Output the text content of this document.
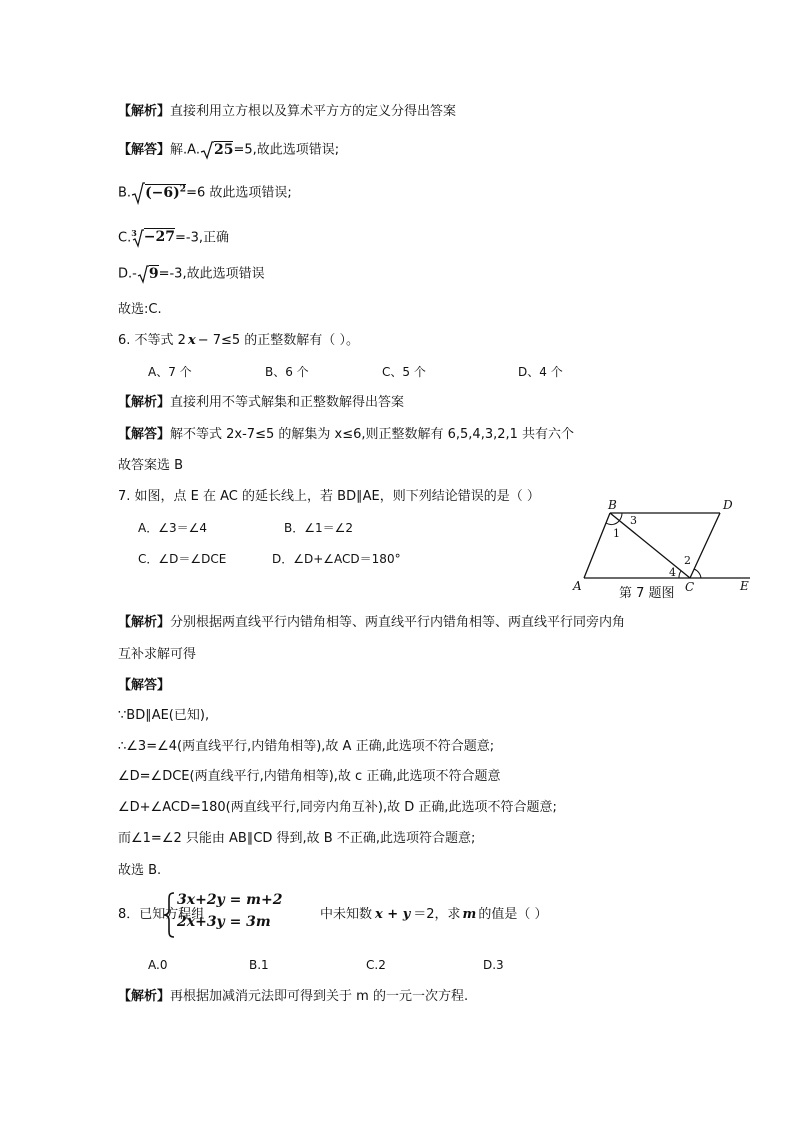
【解析】直接利用立方根以及算术平方方的定义分得出答案
【解答】解.A. 25=5,故此选项错误;
B. $(-6)^2=6$ 故此选项错误;
C.$^3$ −27=-3,正确
D.- 9=-3,故此选项错误
故选:C.
6. 不等式 2 x − 7≤5 的正整数解有（ ）。
A、7 个	B、6 个	C、5 个	D、4 个
【解析】直接利用不等式解集和正整数解得出答案
【解答】解不等式 2x-7≤5 的解集为 x≤6,则正整数解有 6,5,4,3,2,1 共有六个
故答案选 B
7. 如图，点 E 在 AC 的延长线上，若 BD∥AE，则下列结论错误的是（ ）
A．∠3＝∠4	B．∠1＝∠2
C．∠D＝∠DCE	D．∠D+∠ACD＝180°
B	D
A	C	E
3
1
2
4
第 7 题图
【解析】分别根据两直线平行内错角相等、两直线平行内错角相等、两直线平行同旁内角
互补求解可得
【解答】
∵BD∥AE(已知),
∴∠3=∠4(两直线平行,内错角相等),故 A 正确,此选项不符合题意;
∠D=∠DCE(两直线平行,内错角相等),故 c 正确,此选项不符合题意
∠D+∠ACD=180(两直线平行,同旁内角互补),故 D 正确,此选项不符合题意;
而∠1=∠2 只能由 AB∥CD 得到,故 B 不正确,此选项符合题意;
故选 B.
8．已知方程组
3x+2y = m+2
2x+3y = 3m	中未知数 x + y ＝2，求 m 的值是（ ）
A.0	B.1	C.2	D.3
【解析】再根据加减消元法即可得到关于 m 的一元一次方程.
